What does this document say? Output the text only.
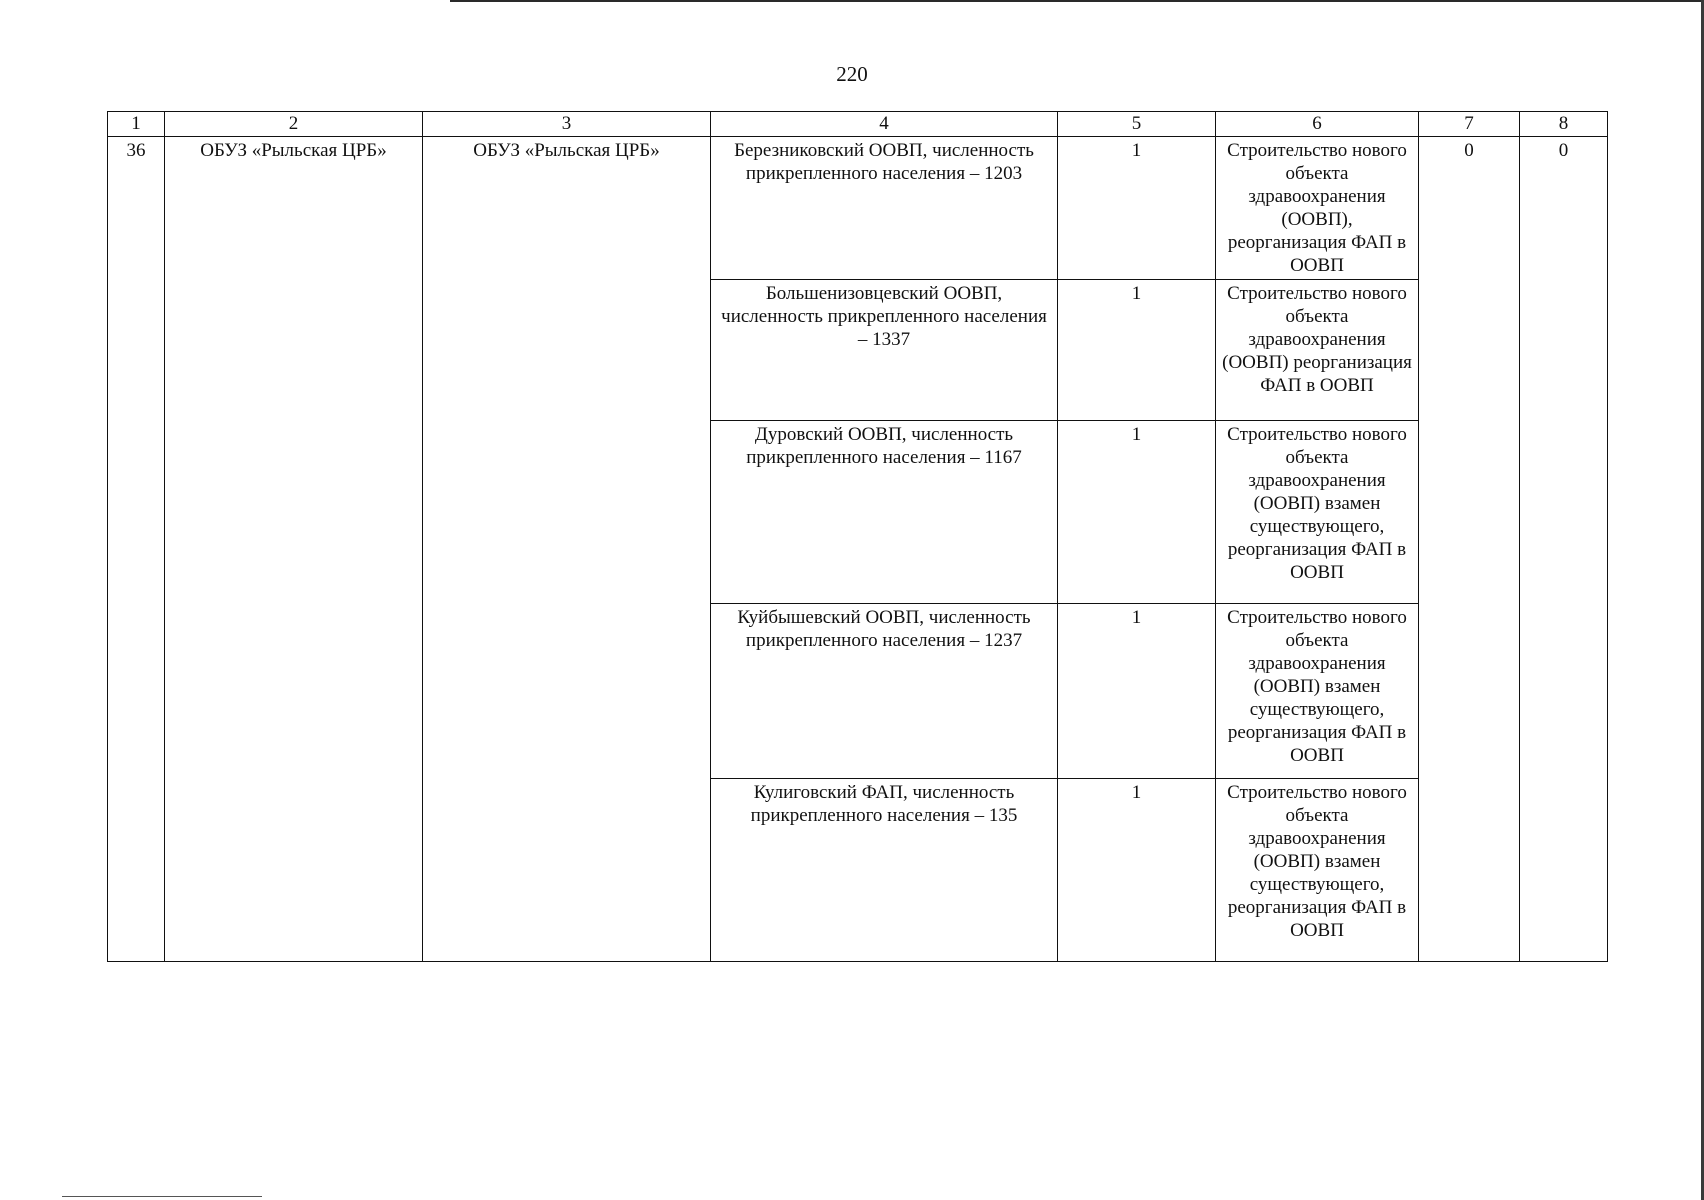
220
1	2	3	4	5	6	7	8
36	ОБУЗ «Рыльская ЦРБ»	ОБУЗ «Рыльская ЦРБ»	Березниковский ООВП, численность прикрепленного населения – 1203	1	Строительство нового объекта здравоохранения (ООВП), реорганизация ФАП в ООВП	0	0
			Большенизовцевский ООВП, численность прикрепленного населения – 1337	1	Строительство нового объекта здравоохранения (ООВП) реорганизация ФАП в ООВП		
			Дуровский ООВП, численность прикрепленного населения – 1167	1	Строительство нового объекта здравоохранения (ООВП) взамен существующего, реорганизация ФАП в ООВП		
			Куйбышевский ООВП, численность прикрепленного населения – 1237	1	Строительство нового объекта здравоохранения (ООВП) взамен существующего, реорганизация ФАП в ООВП		
			Кулиговский ФАП, численность прикрепленного населения – 135	1	Строительство нового объекта здравоохранения (ООВП) взамен существующего, реорганизация ФАП в ООВП		
